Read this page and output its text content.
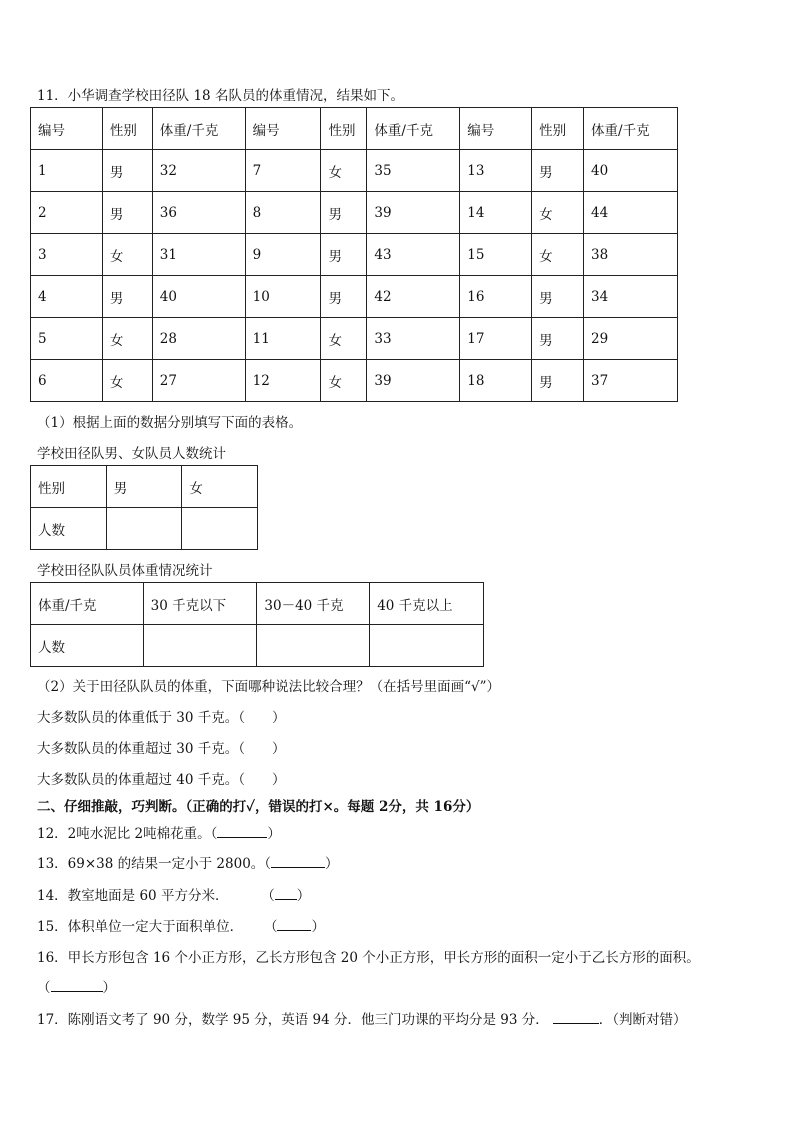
11．小华调查学校田径队 18 名队员的体重情况，结果如下。
编号	性别	体重/千克	编号	性别	体重/千克	编号	性别	体重/千克
1	男	32	7	女	35	13	男	40
2	男	36	8	男	39	14	女	44
3	女	31	9	男	43	15	女	38
4	男	40	10	男	42	16	男	34
5	女	28	11	女	33	17	男	29
6	女	27	12	女	39	18	男	37
（1）根据上面的数据分别填写下面的表格。
学校田径队男、女队员人数统计
性别	男	女
人数		
学校田径队队员体重情况统计
体重/千克	30 千克以下	30－40 千克	40 千克以上
人数			
（2）关于田径队队员的体重，下面哪种说法比较合理？（在括号里面画“√”）
大多数队员的体重低于 30 千克。（　　）
大多数队员的体重超过 30 千克。（　　）
大多数队员的体重超过 40 千克。（　　）
二、仔细推敲，巧判断。（正确的打✓，错误的打×。每题 2分，共 16分）
12．2吨水泥比 2吨棉花重。（	）
13．69×38 的结果一定小于 2800。（	）
14．教室地面是 60 平方分米．　（ ）
15．体积单位一定大于面积单位．　（	）
16．甲长方形包含 16 个小正方形，乙长方形包含 20 个小正方形，甲长方形的面积一定小于乙长方形的面积。
（	）
17．陈刚语文考了 90 分，数学 95 分，英语 94 分．他三门功课的平均分是 93 分．	．（判断对错）
